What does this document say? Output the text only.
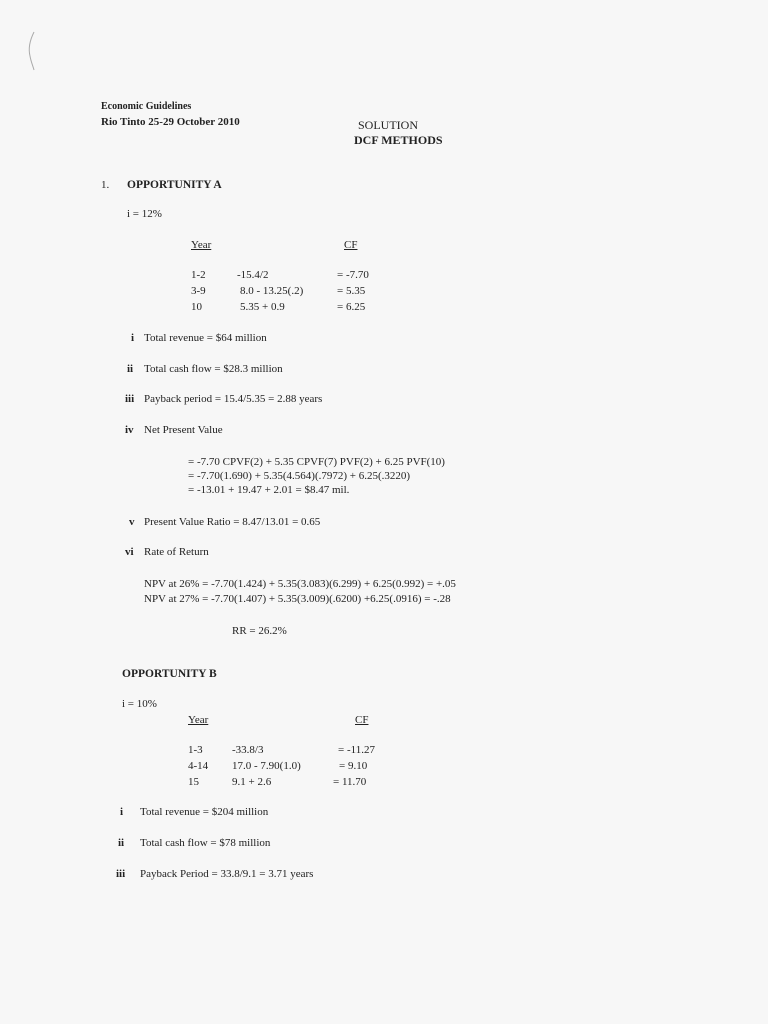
Economic Guidelines
Rio Tinto 25-29 October 2010	SOLUTION
DCF METHODS
1. OPPORTUNITY A
i = 12%
Year	CF
1-2	-15.4/2	= -7.70
3-9	8.0 - 13.25(.2)	= 5.35
10	5.35 + 0.9	= 6.25
i Total revenue = $64 million
ii Total cash flow = $28.3 million
iii Payback period = 15.4/5.35 = 2.88 years
iv Net Present Value
= -7.70 CPVF(2) + 5.35 CPVF(7) PVF(2) + 6.25 PVF(10)
= -7.70(1.690) + 5.35(4.564)(.7972) + 6.25(.3220)
= -13.01 + 19.47 + 2.01 = $8.47 mil.
v Present Value Ratio = 8.47/13.01 = 0.65
vi Rate of Return
NPV at 26% = -7.70(1.424) + 5.35(3.083)(6.299) + 6.25(0.992) = +.05
NPV at 27% = -7.70(1.407) + 5.35(3.009)(.6200) +6.25(.0916) = -.28
RR = 26.2%
OPPORTUNITY B
i = 10%
Year	CF
1-3	-33.8/3	= -11.27
4-14 17.0 - 7.90(1.0)	= 9.10
15	9.1 + 2.6	= 11.70
i Total revenue = $204 million
ii Total cash flow = $78 million
iii Payback Period = 33.8/9.1 = 3.71 years
